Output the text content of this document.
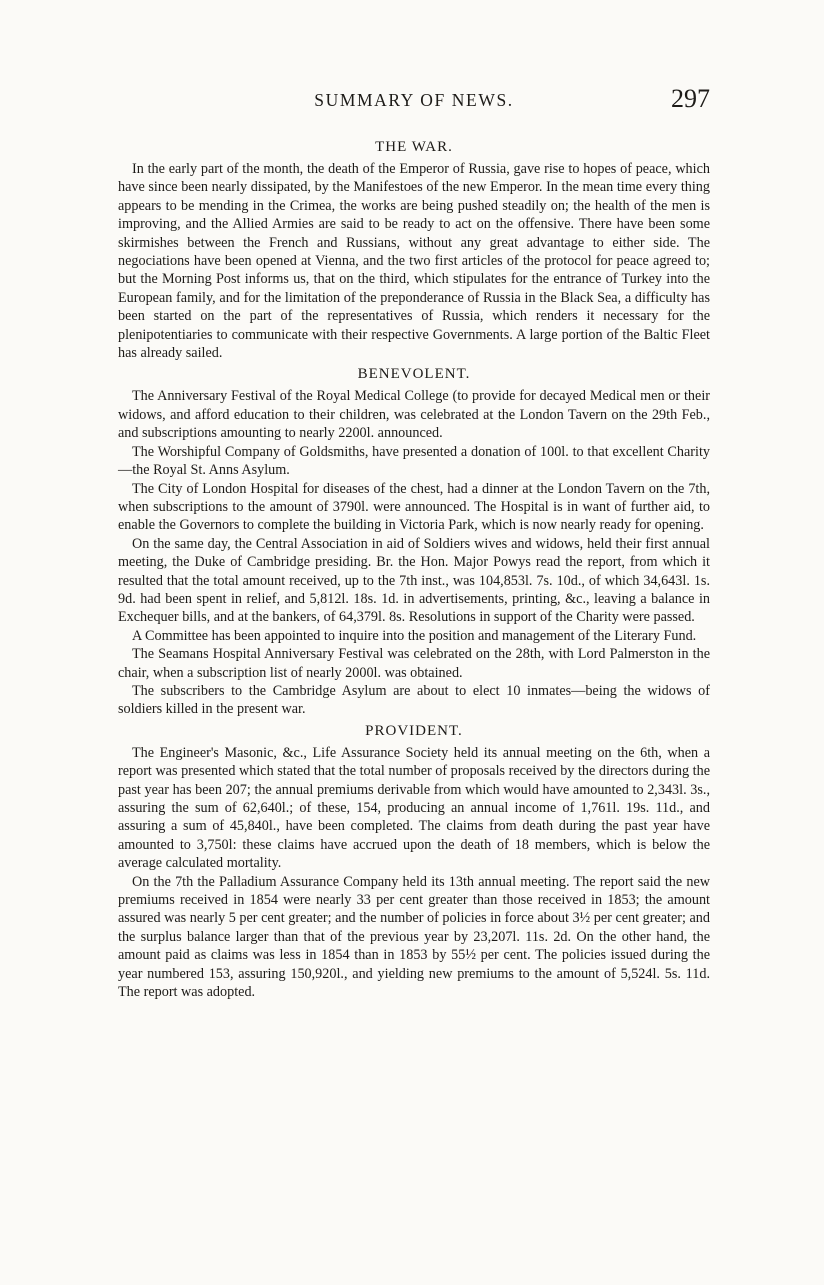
SUMMARY OF NEWS.	297
THE WAR.

In the early part of the month, the death of the Emperor of Russia, gave rise to hopes of peace, which have since been nearly dissipated, by the Manifestoes of the new Emperor. In the mean time every thing appears to be mending in the Crimea, the works are being pushed steadily on; the health of the men is improving, and the Allied Armies are said to be ready to act on the offensive. There have been some skirmishes between the French and Russians, without any great advantage to either side. The negociations have been opened at Vienna, and the two first articles of the protocol for peace agreed to; but the Morning Post informs us, that on the third, which stipulates for the entrance of Turkey into the European family, and for the limitation of the preponderance of Russia in the Black Sea, a difficulty has been started on the part of the representatives of Russia, which renders it necessary for the plenipotentiaries to communicate with their respective Governments. A large portion of the Baltic Fleet has already sailed.

BENEVOLENT.

The Anniversary Festival of the Royal Medical College (to provide for decayed Medical men or their widows, and afford education to their children, was celebrated at the London Tavern on the 29th Feb., and subscriptions amounting to nearly 2200l. announced.

The Worshipful Company of Goldsmiths, have presented a donation of 100l. to that excellent Charity—the Royal St. Anns Asylum.

The City of London Hospital for diseases of the chest, had a dinner at the London Tavern on the 7th, when subscriptions to the amount of 3790l. were announced. The Hospital is in want of further aid, to enable the Governors to complete the building in Victoria Park, which is now nearly ready for opening.

On the same day, the Central Association in aid of Soldiers wives and widows, held their first annual meeting, the Duke of Cambridge presiding. Br. the Hon. Major Powys read the report, from which it resulted that the total amount received, up to the 7th inst., was 104,853l. 7s. 10d., of which 34,643l. 1s. 9d. had been spent in relief, and 5,812l. 18s. 1d. in advertisements, printing, &c., leaving a balance in Exchequer bills, and at the bankers, of 64,379l. 8s. Resolutions in support of the Charity were passed.

A Committee has been appointed to inquire into the position and management of the Literary Fund.

The Seamans Hospital Anniversary Festival was celebrated on the 28th, with Lord Palmerston in the chair, when a subscription list of nearly 2000l. was obtained.

The subscribers to the Cambridge Asylum are about to elect 10 inmates—being the widows of soldiers killed in the present war.

PROVIDENT.

The Engineer's Masonic, &c., Life Assurance Society held its annual meeting on the 6th, when a report was presented which stated that the total number of proposals received by the directors during the past year has been 207; the annual premiums derivable from which would have amounted to 2,343l. 3s., assuring the sum of 62,640l.; of these, 154, producing an annual income of 1,761l. 19s. 11d., and assuring a sum of 45,840l., have been completed. The claims from death during the past year have amounted to 3,750l: these claims have accrued upon the death of 18 members, which is below the average calculated mortality.

On the 7th the Palladium Assurance Company held its 13th annual meeting. The report said the new premiums received in 1854 were nearly 33 per cent greater than those received in 1853; the amount assured was nearly 5 per cent greater; and the number of policies in force about 3½ per cent greater; and the surplus balance larger than that of the previous year by 23,207l. 11s. 2d. On the other hand, the amount paid as claims was less in 1854 than in 1853 by 55½ per cent. The policies issued during the year numbered 153, assuring 150,920l., and yielding new premiums to the amount of 5,524l. 5s. 11d. The report was adopted.
